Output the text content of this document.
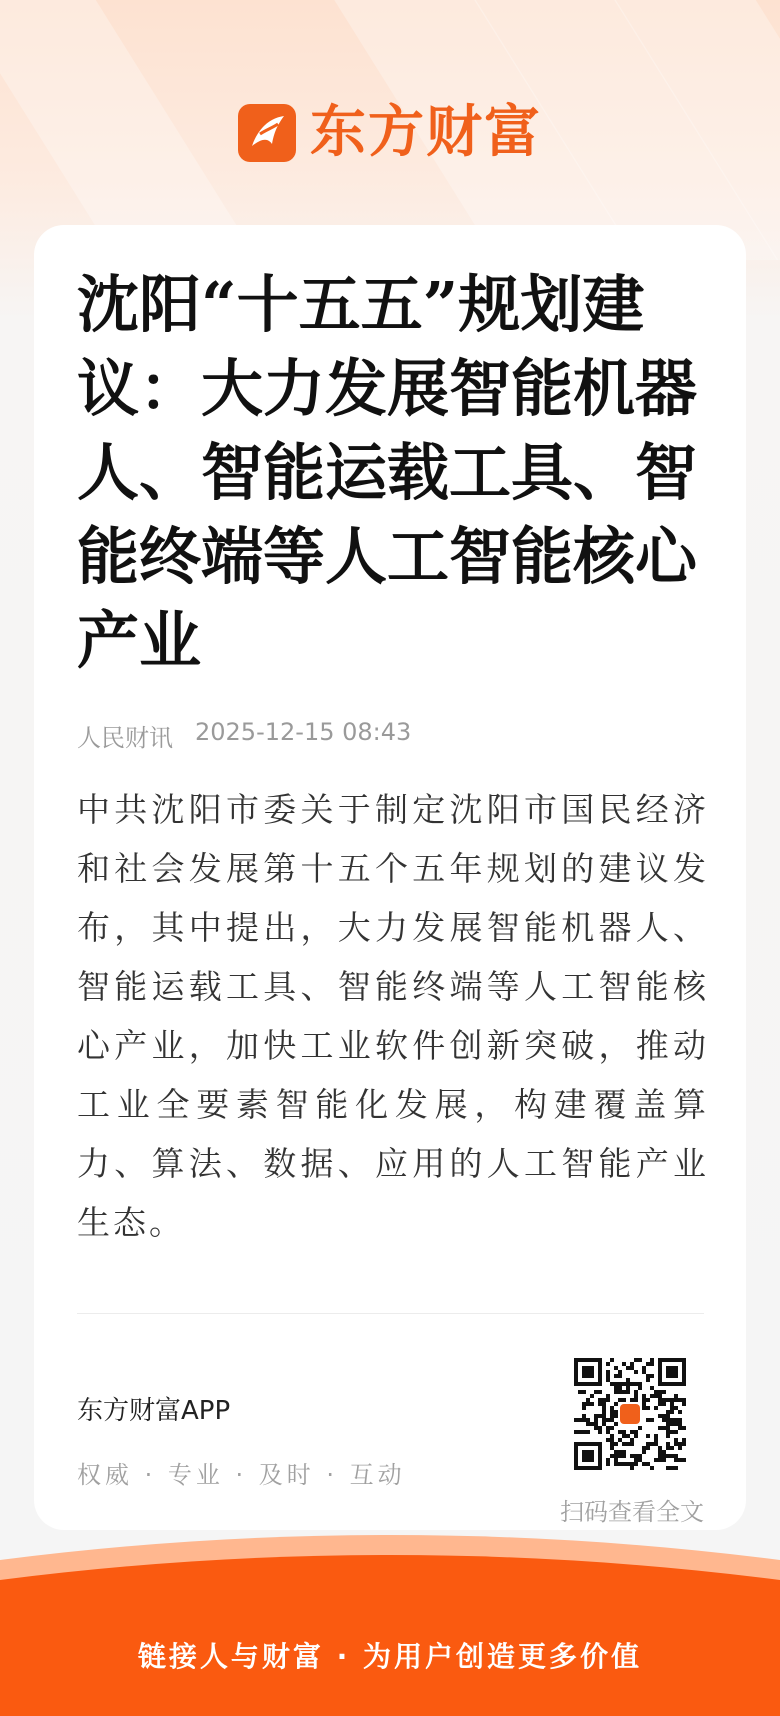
东方财富
沈阳“十五五”规划建议：大力发展智能机器人、智能运载工具、智能终端等人工智能核心产业
人民财讯 2025-12-15 08:43

中共沈阳市委关于制定沈阳市国民经济和社会发展第十五个五年规划的建议发布，其中提出，大力发展智能机器人、智能运载工具、智能终端等人工智能核心产业，加快工业软件创新突破，推动工业全要素智能化发展，构建覆盖算力、算法、数据、应用的人工智能产业生态。

东方财富APP
权威 · 专业 · 及时 · 互动
扫码查看全文
链接人与财富 · 为用户创造更多价值
